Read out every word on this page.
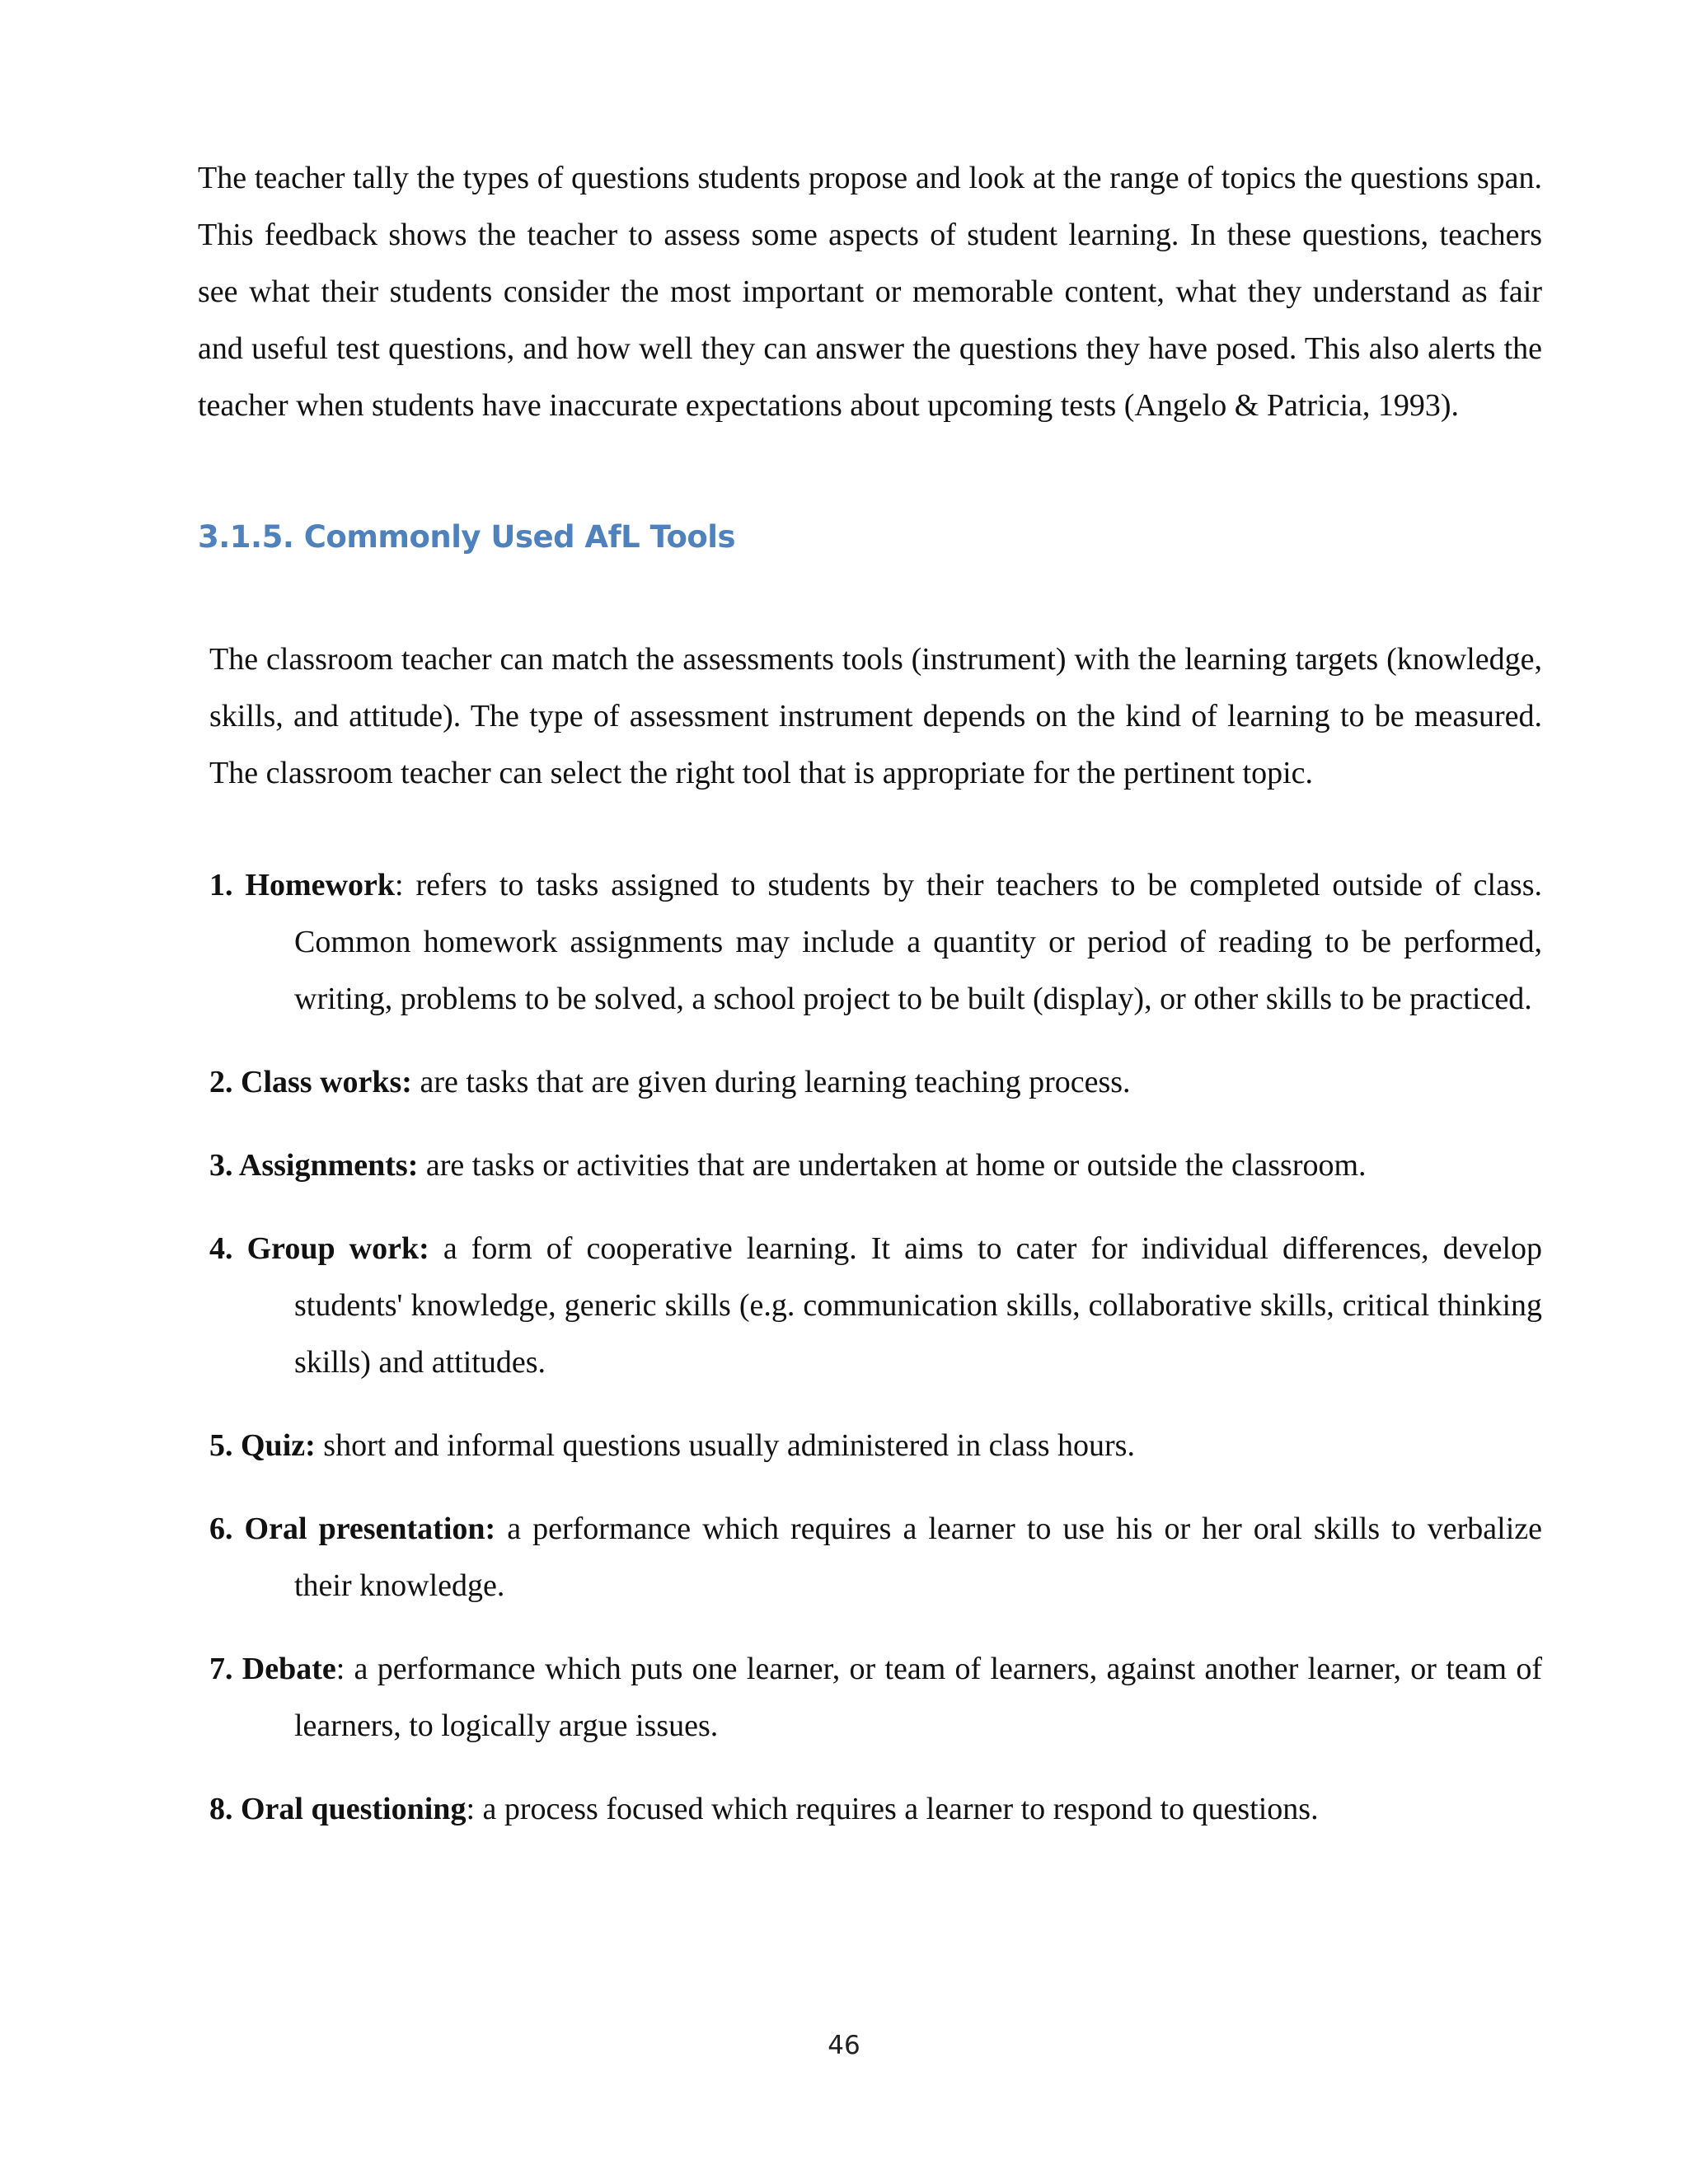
The teacher tally the types of questions students propose and look at the range of topics the questions span. This feedback shows the teacher to assess some aspects of student learning. In these questions, teachers see what their students consider the most important or memorable content, what they understand as fair and useful test questions, and how well they can answer the questions they have posed. This also alerts the teacher when students have inaccurate expectations about upcoming tests (Angelo & Patricia, 1993).

3.1.5. Commonly Used AfL Tools

The classroom teacher can match the assessments tools (instrument) with the learning targets (knowledge, skills, and attitude). The type of assessment instrument depends on the kind of learning to be measured. The classroom teacher can select the right tool that is appropriate for the pertinent topic.

1. Homework: refers to tasks assigned to students by their teachers to be completed outside of class. Common homework assignments may include a quantity or period of reading to be performed, writing, problems to be solved, a school project to be built (display), or other skills to be practiced.
2. Class works: are tasks that are given during learning teaching process.
3. Assignments: are tasks or activities that are undertaken at home or outside the classroom.
4. Group work: a form of cooperative learning. It aims to cater for individual differences, develop students' knowledge, generic skills (e.g. communication skills, collaborative skills, critical thinking skills) and attitudes.
5. Quiz: short and informal questions usually administered in class hours.
6. Oral presentation: a performance which requires a learner to use his or her oral skills to verbalize their knowledge.
7. Debate: a performance which puts one learner, or team of learners, against another learner, or team of learners, to logically argue issues.
8. Oral questioning: a process focused which requires a learner to respond to questions.
46
